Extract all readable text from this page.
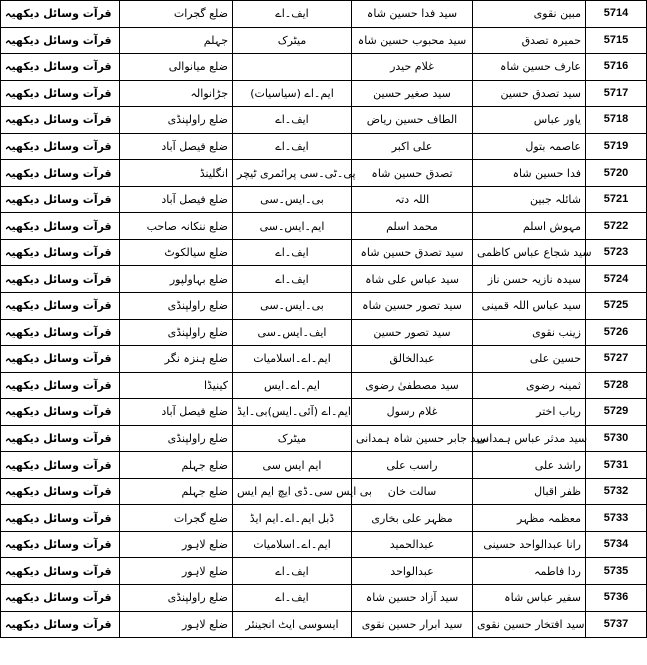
قرآت وسائل دیکھیہ	ضلع گجرات	ایف۔اے	سید فدا حسین شاہ	مبین نقوی	5714
قرآت وسائل دیکھیہ	جہلم	میٹرک	سید محبوب حسین شاہ	حمیرہ تصدق	5715
قرآت وسائل دیکھیہ	ضلع میانوالی		غلام حیدر	عارف حسین شاہ	5716
قرآت وسائل دیکھیہ	جڑانوالہ	ایم۔اے (سیاسیات)	سید صغیر حسین	سید تصدق حسین	5717
قرآت وسائل دیکھیہ	ضلع راولپنڈی	ایف۔اے	الطاف حسین ریاض	یاور عباس	5718
قرآت وسائل دیکھیہ	ضلع فیصل آباد	ایف۔اے	علی اکبر	عاصمہ بتول	5719
قرآت وسائل دیکھیہ	انگلینڈ	پی۔ٹی۔سی پرائمری ٹیچر	تصدق حسین شاہ	فدا حسین شاہ	5720
قرآت وسائل دیکھیہ	ضلع فیصل آباد	بی۔ایس۔سی	اللہ دتہ	شائلہ جبین	5721
قرآت وسائل دیکھیہ	ضلع ننکانہ صاحب	ایم۔ایس۔سی	محمد اسلم	مہوش اسلم	5722
قرآت وسائل دیکھیہ	ضلع سیالکوٹ	ایف۔اے	سید تصدق حسین شاہ	سید شجاع عباس کاظمی	5723
قرآت وسائل دیکھیہ	ضلع بہاولپور	ایف۔اے	سید عباس علی شاہ	سیدہ نازیہ حسن ناز	5724
قرآت وسائل دیکھیہ	ضلع راولپنڈی	بی۔ایس۔سی	سید تصور حسین شاہ	سید عباس اللہ قمینی	5725
قرآت وسائل دیکھیہ	ضلع راولپنڈی	ایف۔ایس۔سی	سید تصور حسین	زینب نقوی	5726
قرآت وسائل دیکھیہ	ضلع ہنزہ نگر	ایم۔اے۔اسلامیات	عبدالخالق	حسین علی	5727
قرآت وسائل دیکھیہ	کینیڈا	ایم۔اے۔ایس	سید مصطفیٰ رضوی	ثمینہ رضوی	5728
قرآت وسائل دیکھیہ	ضلع فیصل آباد	ایم۔اے (آئی۔ایس)بی۔ایڈ	غلام رسول	رباب اختر	5729
قرآت وسائل دیکھیہ	ضلع راولپنڈی	میٹرک	سید جابر حسین شاہ ہمدانی	سید مدثر عباس ہمدانی	5730
قرآت وسائل دیکھیہ	ضلع جہلم	ایم ایس سی	راسب علی	راشد علی	5731
قرآت وسائل دیکھیہ	ضلع جہلم	بی ایس سی۔ڈی ایچ ایم ایس	سالت خان	ظفر اقبال	5732
قرآت وسائل دیکھیہ	ضلع گجرات	ڈبل ایم۔اے۔ایم ایڈ	مظہر علی بخاری	معظمہ مظہر	5733
قرآت وسائل دیکھیہ	ضلع لاہور	ایم۔اے۔اسلامیات	عبدالحمید	رانا عبدالواحد حسینی	5734
قرآت وسائل دیکھیہ	ضلع لاہور	ایف۔اے	عبدالواحد	ردا فاطمہ	5735
قرآت وسائل دیکھیہ	ضلع راولپنڈی	ایف۔اے	سید آزاد حسین شاہ	سفیر عباس شاہ	5736
قرآت وسائل دیکھیہ	ضلع لاہور	ایسوسی ایٹ انجینئر	سید ابرار حسین نقوی	سید افتخار حسین نقوی	5737
